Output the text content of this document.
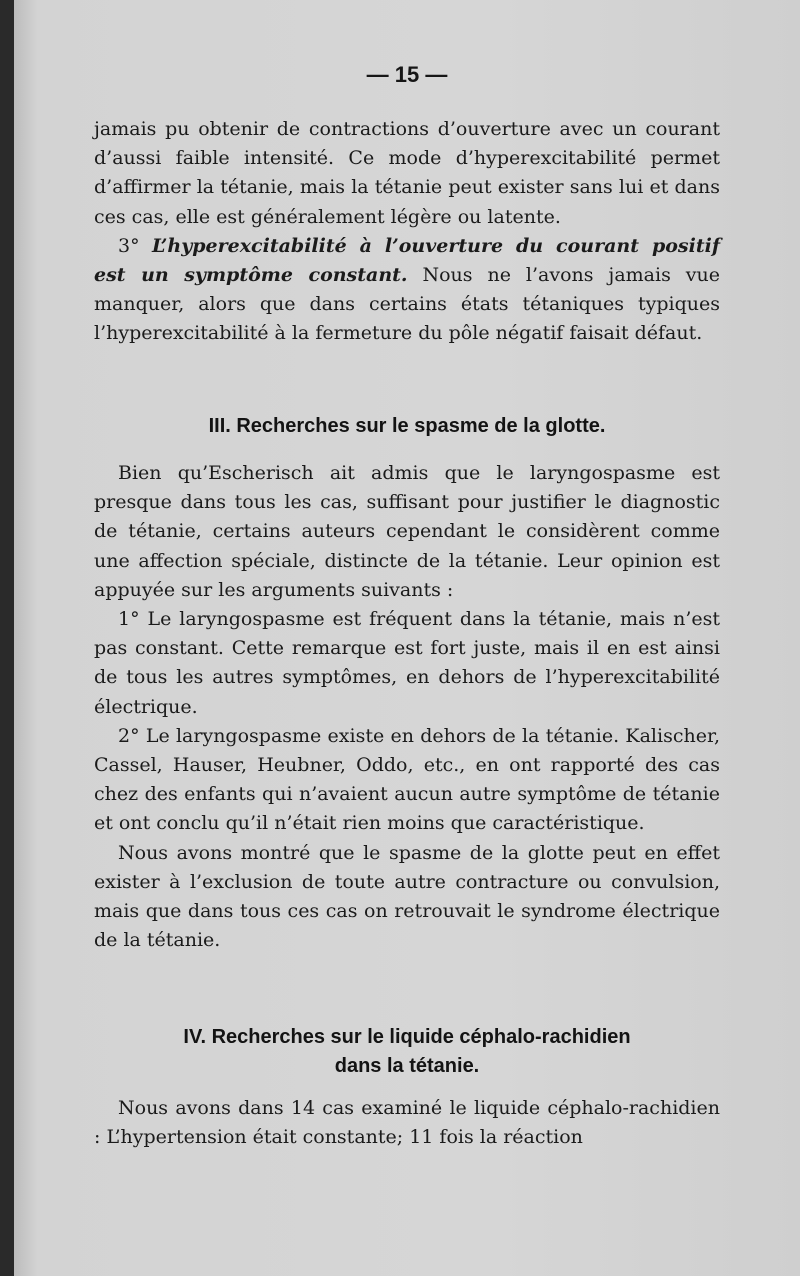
— 15 —

jamais pu obtenir de contractions d’ouverture avec un courant d’aussi faible intensité. Ce mode d’hyperexcitabilité permet d’affirmer la tétanie, mais la tétanie peut exister sans lui et dans ces cas, elle est généralement légère ou latente.

3° L’hyperexcitabilité à l’ouverture du courant positif est un symptôme constant. Nous ne l’avons jamais vue manquer, alors que dans certains états tétaniques typiques l’hyperexcitabilité à la fermeture du pôle négatif faisait défaut.

III. Recherches sur le spasme de la glotte.

Bien qu’Escherisch ait admis que le laryngospasme est presque dans tous les cas, suffisant pour justifier le diagnostic de tétanie, certains auteurs cependant le considèrent comme une affection spéciale, distincte de la tétanie. Leur opinion est appuyée sur les arguments suivants :

1° Le laryngospasme est fréquent dans la tétanie, mais n’est pas constant. Cette remarque est fort juste, mais il en est ainsi de tous les autres symptômes, en dehors de l’hyperexcitabilité électrique.

2° Le laryngospasme existe en dehors de la tétanie. Kalischer, Cassel, Hauser, Heubner, Oddo, etc., en ont rapporté des cas chez des enfants qui n’avaient aucun autre symptôme de tétanie et ont conclu qu’il n’était rien moins que caractéristique.

Nous avons montré que le spasme de la glotte peut en effet exister à l’exclusion de toute autre contracture ou convulsion, mais que dans tous ces cas on retrouvait le syndrome électrique de la tétanie.

IV. Recherches sur le liquide céphalo-rachidien
dans la tétanie.

Nous avons dans 14 cas examiné le liquide céphalo-rachidien : L’hypertension était constante; 11 fois la réaction
